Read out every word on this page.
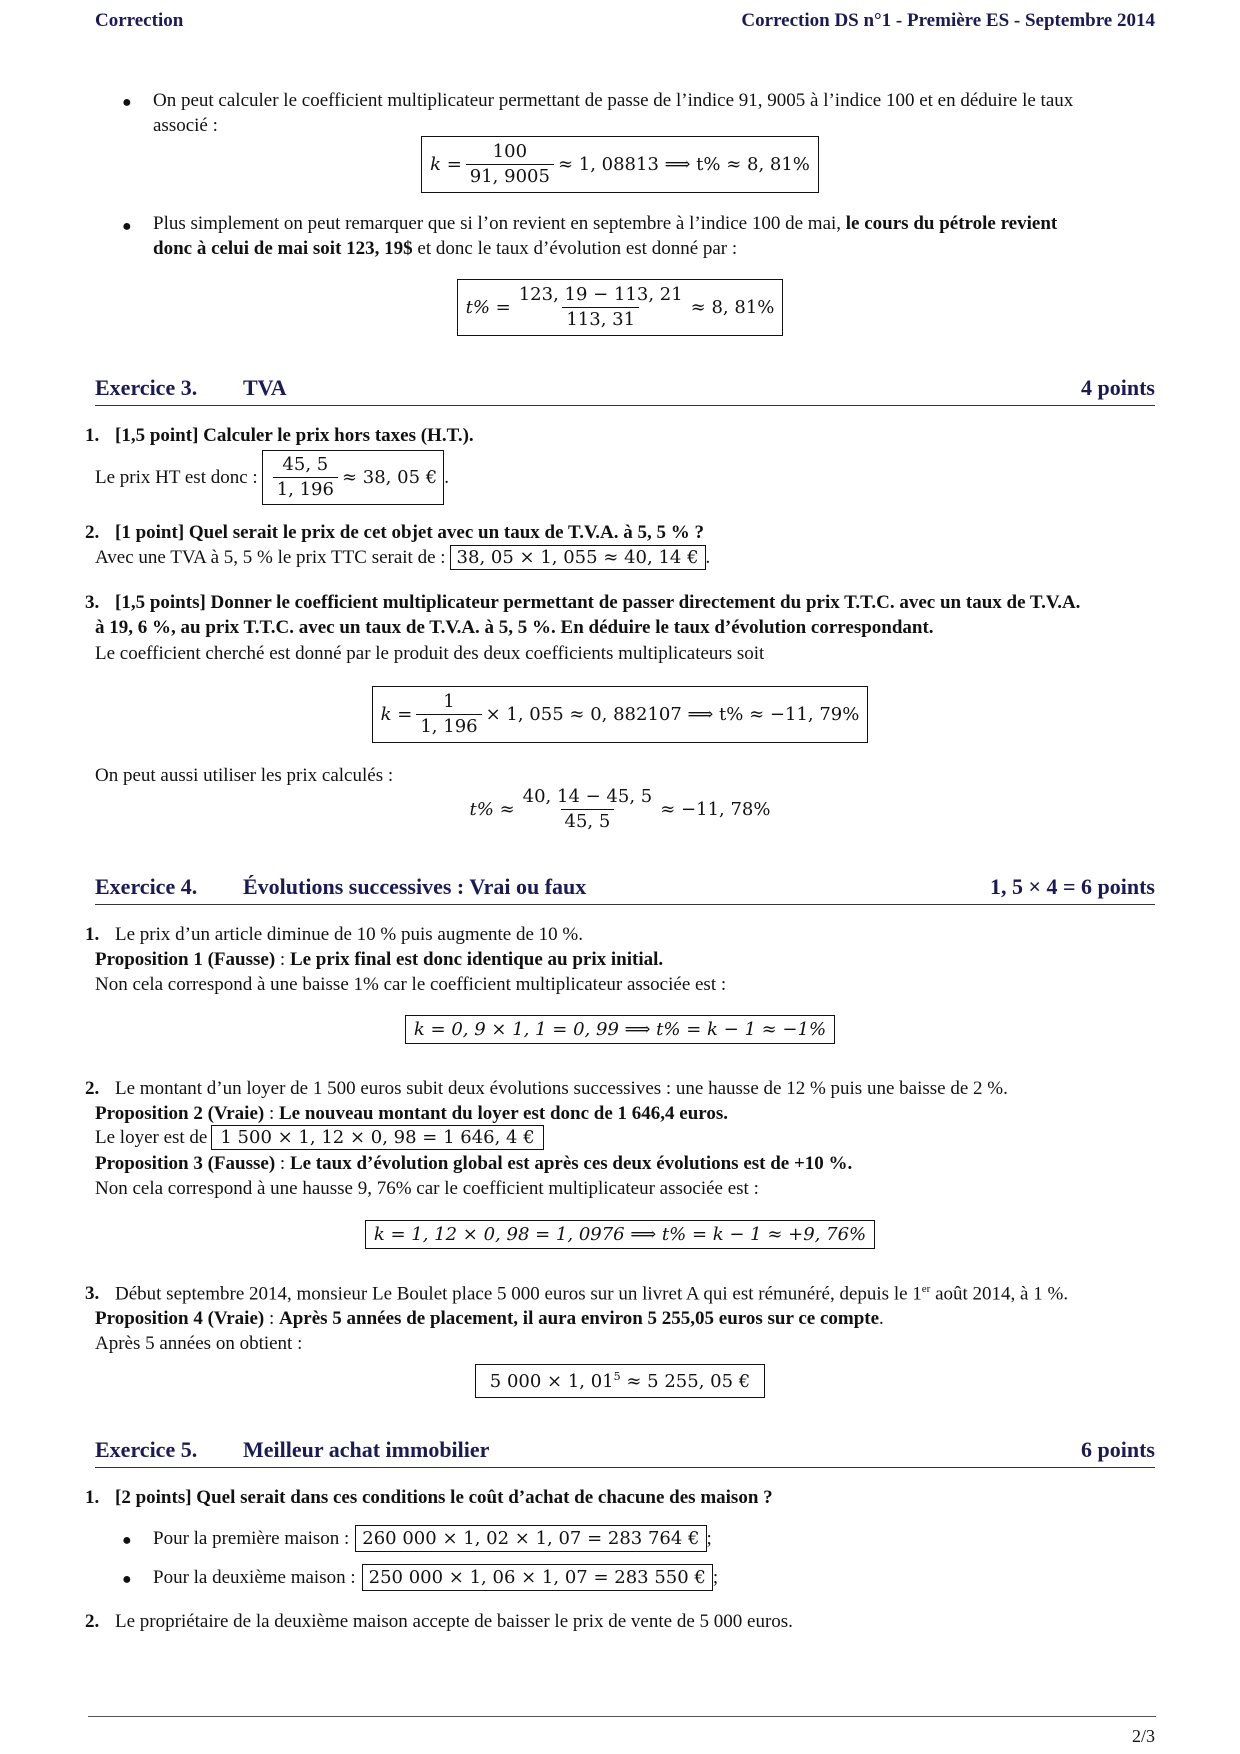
Correction	Correction DS n°1 - Première ES - Septembre 2014
● On peut calculer le coefficient multiplicateur permettant de passe de l’indice 91, 9005 à l’indice 100 et en déduire le taux
associé :
$k = \frac{100}{91, 9005} \approx 1$, 08813 ⟹ t% ≈ 8, 81%
● Plus simplement on peut remarquer que si l’on revient en septembre à l’indice 100 de mai, le cours du pétrole revient
donc à celui de mai soit 123, 19$ et donc le taux d’évolution est donné par :
$t\% = \frac{123, 19 - 113, 21}{113, 31} \approx 8$, 81%
Exercice 3. TVA	4 points
1. [1,5 point] Calculer le prix hors taxes (H.T.).
Le prix HT est donc : $\frac{45, 5}{1, 196} \approx 38$, 05 € .
2. [1 point] Quel serait le prix de cet objet avec un taux de T.V.A. à 5, 5 % ?
Avec une TVA à 5, 5 % le prix TTC serait de : 38, 05 × 1, 055 ≈ 40, 14 € .
3. [1,5 points] Donner le coefficient multiplicateur permettant de passer directement du prix T.T.C. avec un taux de T.V.A.
à 19, 6 %, au prix T.T.C. avec un taux de T.V.A. à 5, 5 %. En déduire le taux d’évolution correspondant.
Le coefficient cherché est donné par le produit des deux coefficients multiplicateurs soit
$k = \frac{1}{1, 196} \times 1$, 055 ≈ 0, 882107 ⟹ t% ≈ −11, 79%
On peut aussi utiliser les prix calculés :
$t\% \approx \frac{40, 14 - 45, 5}{45, 5} \approx -11$, 78%
Exercice 4. Évolutions successives : Vrai ou faux	1, 5 × 4 = 6 points
1. Le prix d’un article diminue de 10 % puis augmente de 10 %.
Proposition 1 (Fausse) : Le prix final est donc identique au prix initial.
Non cela correspond à une baisse 1% car le coefficient multiplicateur associée est :
k = 0, 9 × 1, 1 = 0, 99 ⟹ t% = k − 1 ≈ −1%
2. Le montant d’un loyer de 1 500 euros subit deux évolutions successives : une hausse de 12 % puis une baisse de 2 %.
Proposition 2 (Vraie) : Le nouveau montant du loyer est donc de 1 646,4 euros.
Le loyer est de 1 500 × 1, 12 × 0, 98 = 1 646, 4 €
Proposition 3 (Fausse) : Le taux d’évolution global est après ces deux évolutions est de +10 %.
Non cela correspond à une hausse 9, 76% car le coefficient multiplicateur associée est :
k = 1, 12 × 0, 98 = 1, 0976 ⟹ t% = k − 1 ≈ +9, 76%
3. Début septembre 2014, monsieur Le Boulet place 5 000 euros sur un livret A qui est rémunéré, depuis le 1er août 2014, à 1 %.
Proposition 4 (Vraie) : Après 5 années de placement, il aura environ 5 255,05 euros sur ce compte.
Après 5 années on obtient :
5 000 × 1, $01^5 \approx 5$ 255, 05 €
Exercice 5. Meilleur achat immobilier	6 points
1. [2 points] Quel serait dans ces conditions le coût d’achat de chacune des maison ?
● Pour la première maison : 260 000 × 1, 02 × 1, 07 = 283 764 € ;
● Pour la deuxième maison : 250 000 × 1, 06 × 1, 07 = 283 550 € ;
2. Le propriétaire de la deuxième maison accepte de baisser le prix de vente de 5 000 euros.
2/3
